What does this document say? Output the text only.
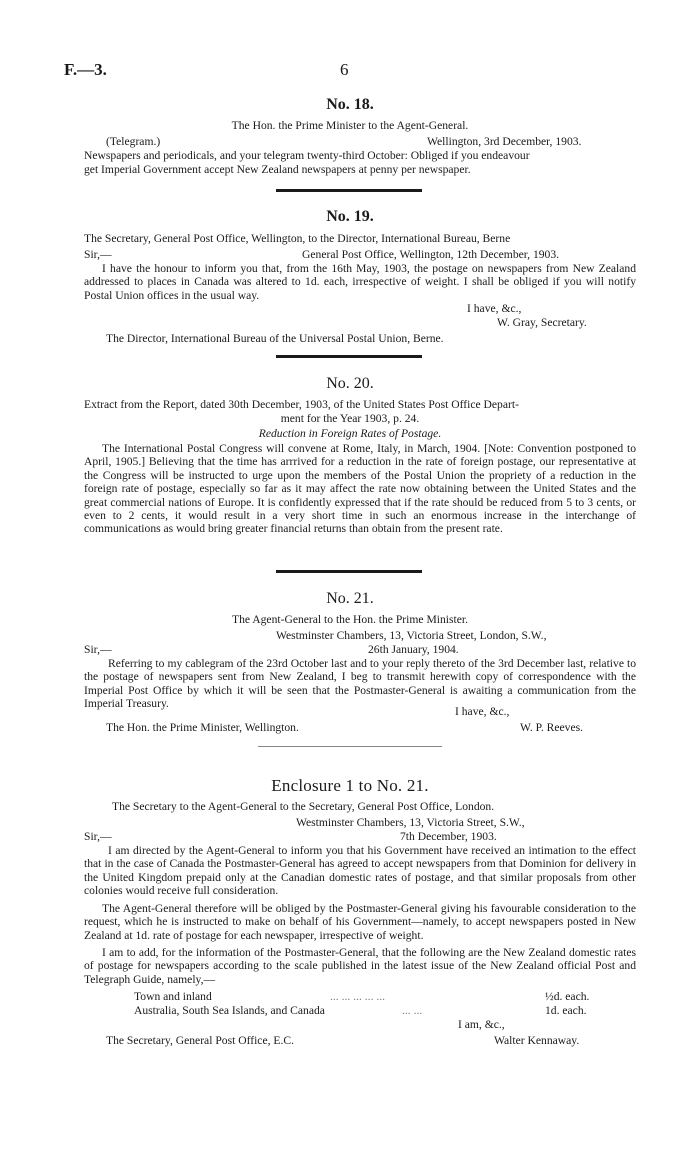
F.—3.	6
No. 18.
The Hon. the Prime Minister to the Agent-General.
(Telegram.)	Wellington, 3rd December, 1903.
Newspapers and periodicals, and your telegram twenty-third October: Obliged if you endeavour
get Imperial Government accept New Zealand newspapers at penny per newspaper.
No. 19.
The Secretary, General Post Office, Wellington, to the Director, International Bureau, Berne
Sir,—	General Post Office, Wellington, 12th December, 1903.
I have the honour to inform you that, from the 16th May, 1903, the postage on newspapers from New Zealand addressed to places in Canada was altered to 1d. each, irrespective of weight. I shall be obliged if you will notify Postal Union offices in the usual way.
I have, &c.,
W. Gray, Secretary.
The Director, International Bureau of the Universal Postal Union, Berne.
No. 20.
Extract from the Report, dated 30th December, 1903, of the United States Post Office Depart-
ment for the Year 1903, p. 24.
Reduction in Foreign Rates of Postage.
The International Postal Congress will convene at Rome, Italy, in March, 1904. [Note: Convention postponed to April, 1905.] Believing that the time has arrrived for a reduction in the rate of foreign postage, our representative at the Congress will be instructed to urge upon the members of the Postal Union the propriety of a reduction in the foreign rate of postage, especially so far as it may affect the rate now obtaining between the United States and the great commercial nations of Europe. It is confidently expressed that if the rate should be reduced from 5 to 3 cents, or even to 2 cents, it would result in a very short time in such an enormous increase in the interchange of communications as would bring greater financial returns than obtain from the present rate.
No. 21.
The Agent-General to the Hon. the Prime Minister.
Westminster Chambers, 13, Victoria Street, London, S.W.,
Sir,—	26th January, 1904.
Referring to my cablegram of the 23rd October last and to your reply thereto of the 3rd December last, relative to the postage of newspapers sent from New Zealand, I beg to transmit herewith copy of correspondence with the Imperial Post Office by which it will be seen that the Postmaster-General is awaiting a communication from the Imperial Treasury.
I have, &c.,
The Hon. the Prime Minister, Wellington.	W. P. Reeves.
Enclosure 1 to No. 21.
The Secretary to the Agent-General to the Secretary, General Post Office, London.
Westminster Chambers, 13, Victoria Street, S.W.,
Sir,—	7th December, 1903.
I am directed by the Agent-General to inform you that his Government have received an intimation to the effect that in the case of Canada the Postmaster-General has agreed to accept newspapers from that Dominion for delivery in the United Kingdom prepaid only at the Canadian domestic rates of postage, and that similar proposals from other colonies would receive full consideration.
The Agent-General therefore will be obliged by the Postmaster-General giving his favourable consideration to the request, which he is instructed to make on behalf of his Government—namely, to accept newspapers posted in New Zealand at 1d. rate of postage for each newspaper, irrespective of weight.
I am to add, for the information of the Postmaster-General, that the following are the New Zealand domestic rates of postage for newspapers according to the scale published in the latest issue of the New Zealand official Post and Telegraph Guide, namely,—
Town and inland	... ... ... ... ...	½d. each.
Australia, South Sea Islands, and Canada	... ...	1d. each.
I am, &c.,
The Secretary, General Post Office, E.C.	Walter Kennaway.
